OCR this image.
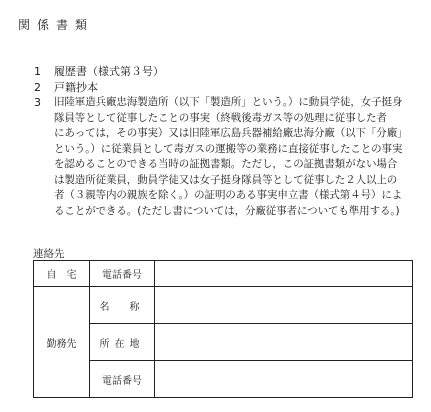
関係書類
1	履歴書（様式第３号）
2	戸籍抄本
3	旧陸軍造兵廠忠海製造所（以下「製造所」という。）に動員学徒，女子挺身
隊員等として従事したことの事実（終戦後毒ガス等の処理に従事した者
にあっては，その事実）又は旧陸軍広島兵器補給廠忠海分廠（以下「分廠」
という。）に従業員として毒ガスの運搬等の業務に直接従事したことの事実
を認めることのできる当時の証拠書類。ただし，この証拠書類がない場合
は製造所従業員，動員学徒又は女子挺身隊員等として従事した２人以上の
者（３親等内の親族を除く。）の証明のある事実申立書（様式第４号）によ
ることができる。(ただし書については，分廠従事者についても準用する。)
連絡先
自　宅	電話番号	
勤務先	名　称	
	所在地	
	電話番号	
